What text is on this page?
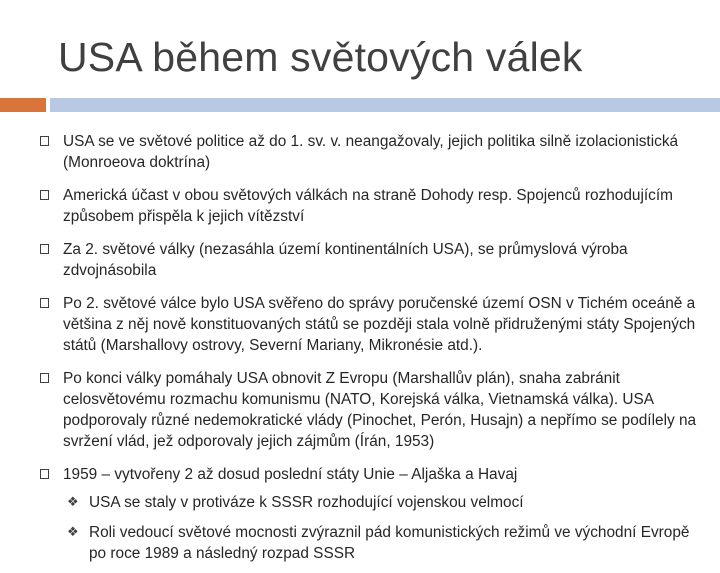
USA během světových válek
USA se ve světové politice až do 1. sv. v. neangažovaly, jejich politika silně izolacionistická (Monroeova doktrína)
Americká účast v obou světových válkách na straně Dohody resp. Spojenců rozhodujícím způsobem přispěla k jejich vítězství
Za 2. světové války (nezasáhla území kontinentálních USA), se průmyslová výroba zdvojnásobila
Po 2. světové válce bylo USA svěřeno do správy poručenské území OSN v Tichém oceáně a většina z něj nově konstituovaných států se později stala volně přidruženými státy Spojených států (Marshallovy ostrovy, Severní Mariany, Mikronésie atd.).
Po konci války pomáhaly USA obnovit Z Evropu (Marshallův plán), snaha zabránit celosvětovému rozmachu komunismu (NATO, Korejská válka, Vietnamská válka). USA podporovaly různé nedemokratické vlády (Pinochet, Perón, Husajn) a nepřímo se podílely na svržení vlád, jež odporovaly jejich zájmům (Írán, 1953)
1959 – vytvořeny 2 až dosud poslední státy Unie – Aljaška a Havaj
❖ USA se staly v protiváze k SSSR rozhodující vojenskou velmocí
❖ Roli vedoucí světové mocnosti zvýraznil pád komunistických režimů ve východní Evropě po roce 1989 a následný rozpad SSSR
